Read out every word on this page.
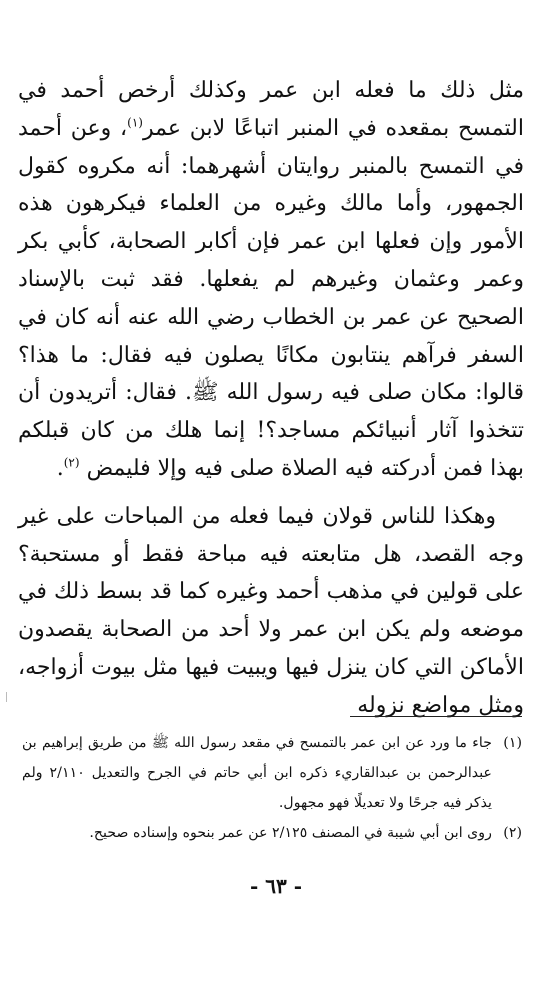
مثل ذلك ما فعله ابن عمر وكذلك أرخص أحمد في التمسح بمقعده في المنبر اتباعًا لابن عمر$^{(١)}$، وعن أحمد في التمسح بالمنبر روايتان أشهرهما: أنه مكروه كقول الجمهور، وأما مالك وغيره من العلماء فيكرهون هذه الأمور وإن فعلها ابن عمر فإن أكابر الصحابة، كأبي بكر وعمر وعثمان وغيرهم لم يفعلها. فقد ثبت بالإسناد الصحيح عن عمر بن الخطاب رضي الله عنه أنه كان في السفر فرآهم ينتابون مكانًا يصلون فيه فقال: ما هذا؟ قالوا: مكان صلى فيه رسول الله ﷺ. فقال: أتريدون أن تتخذوا آثار أنبيائكم مساجد؟! إنما هلك من كان قبلكم بهذا فمن أدركته فيه الصلاة صلى فيه وإلا فليمض $^{(٢)}$.

وهكذا للناس قولان فيما فعله من المباحات على غير وجه القصد، هل متابعته فيه مباحة فقط أو مستحبة؟ على قولين في مذهب أحمد وغيره كما قد بسط ذلك في موضعه ولم يكن ابن عمر ولا أحد من الصحابة يقصدون الأماكن التي كان ينزل فيها ويبيت فيها مثل بيوت أزواجه، ومثل مواضع نزوله

(١)
جاء ما ورد عن ابن عمر بالتمسح في مقعد رسول الله ﷺ من طريق إبراهيم بن عبدالرحمن بن عبدالقاريء ذكره ابن أبي حاتم في الجرح والتعديل ٢/١١٠ ولم يذكر فيه جرحًا ولا تعديلًا فهو مجهول.

(٢)
روى ابن أبي شيبة في المصنف ٢/١٢٥ عن عمر بنحوه وإسناده صحيح.

- ٦٣ -
